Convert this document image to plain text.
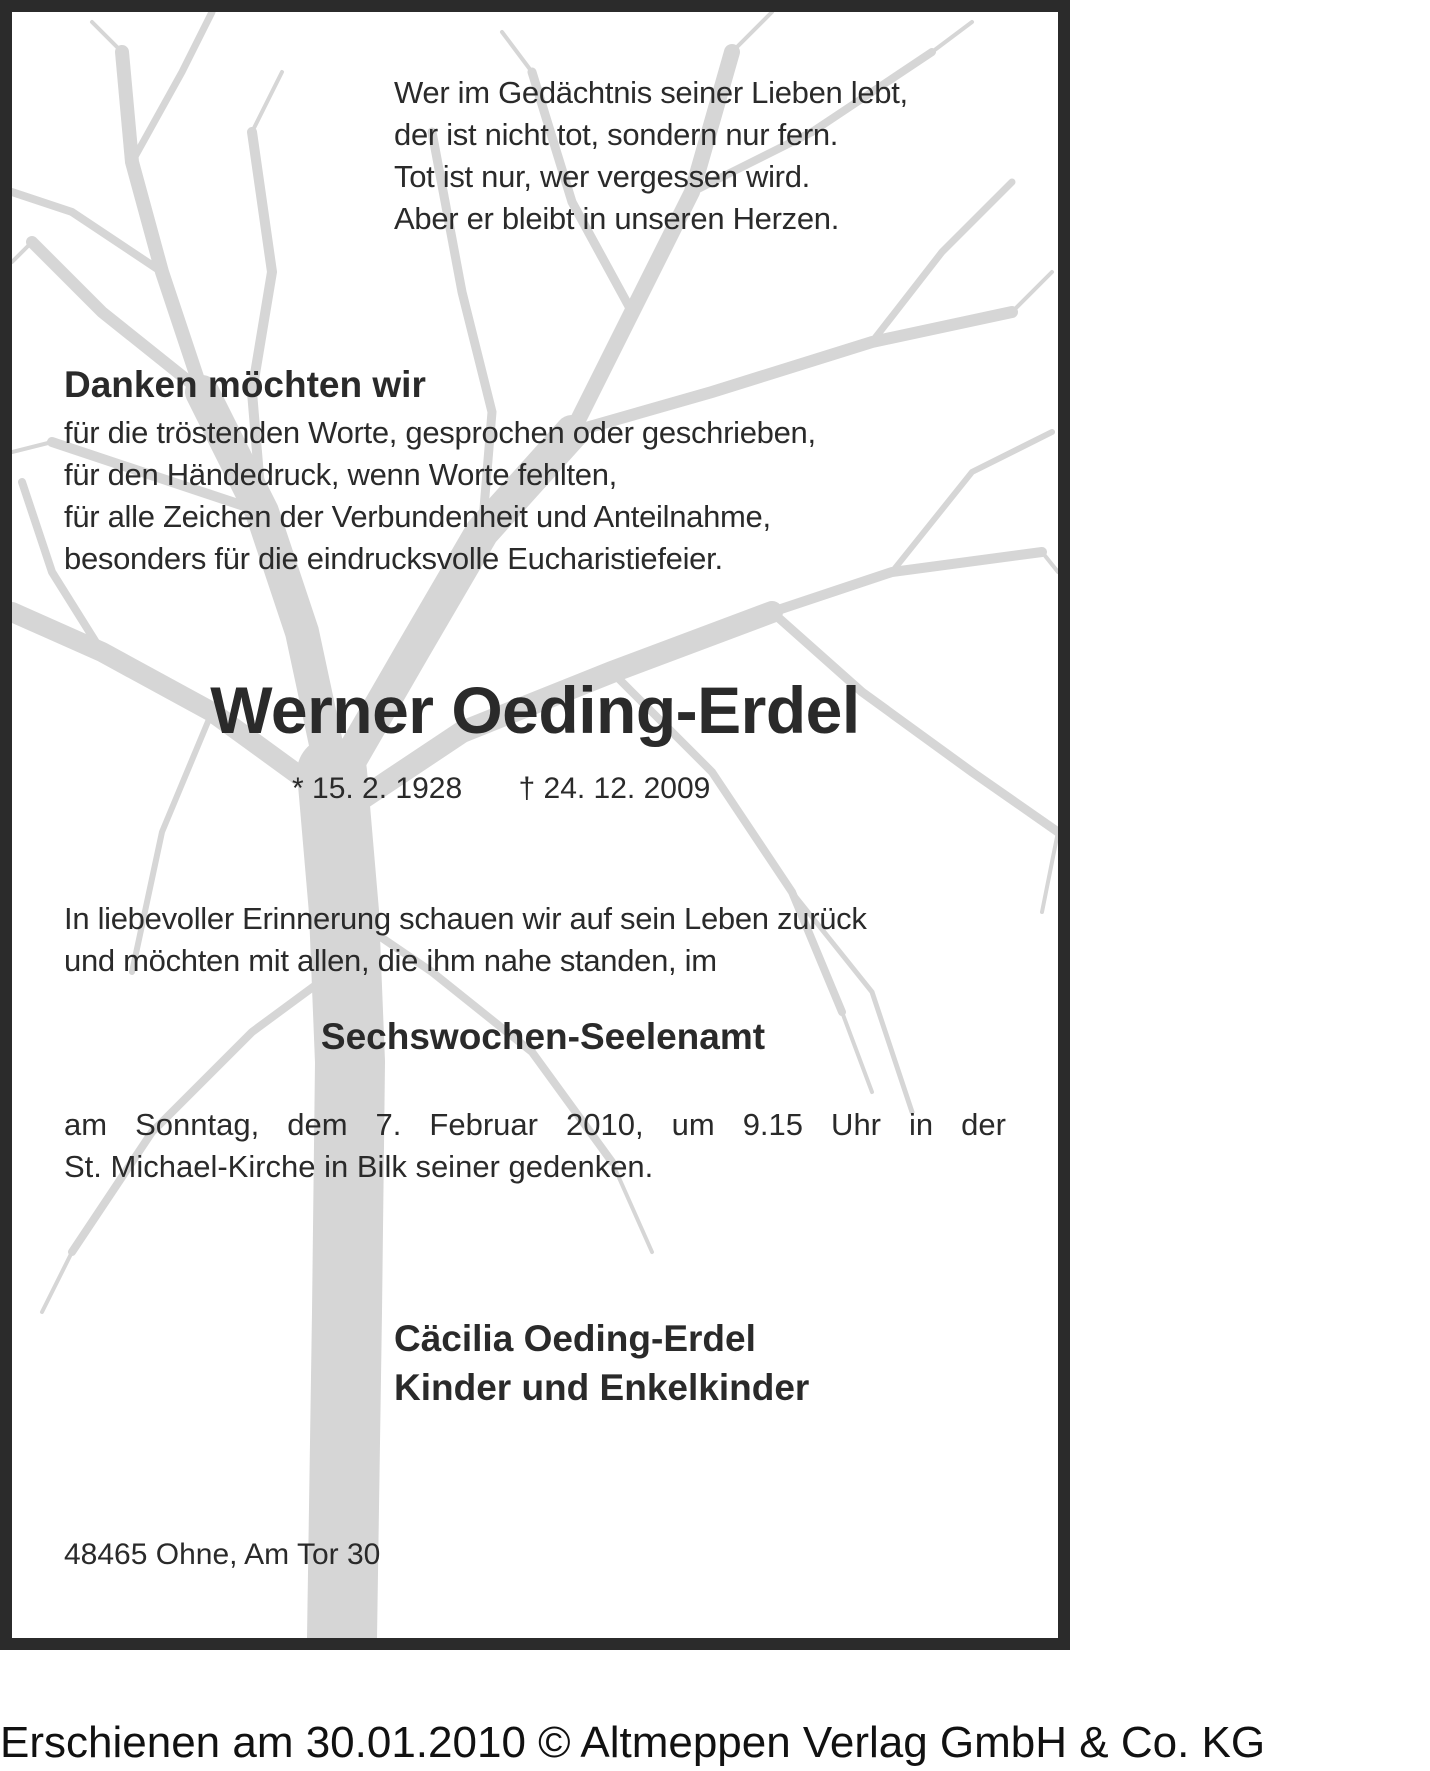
Wer im Gedächtnis seiner Lieben lebt,
der ist nicht tot, sondern nur fern.
Tot ist nur, wer vergessen wird.
Aber er bleibt in unseren Herzen.
Danken möchten wir
für die tröstenden Worte, gesprochen oder geschrieben,
für den Händedruck, wenn Worte fehlten,
für alle Zeichen der Verbundenheit und Anteilnahme,
besonders für die eindrucksvolle Eucharistiefeier.
Werner Oeding-Erdel
* 15. 2. 1928 † 24. 12. 2009
In liebevoller Erinnerung schauen wir auf sein Leben zurück
und möchten mit allen, die ihm nahe standen, im
Sechswochen-Seelenamt
am Sonntag, dem 7. Februar 2010, um 9.15 Uhr in der
St. Michael-Kirche in Bilk seiner gedenken.
Cäcilia Oeding-Erdel
Kinder und Enkelkinder
48465 Ohne, Am Tor 30
Erschienen am 30.01.2010 © Altmeppen Verlag GmbH & Co. KG
